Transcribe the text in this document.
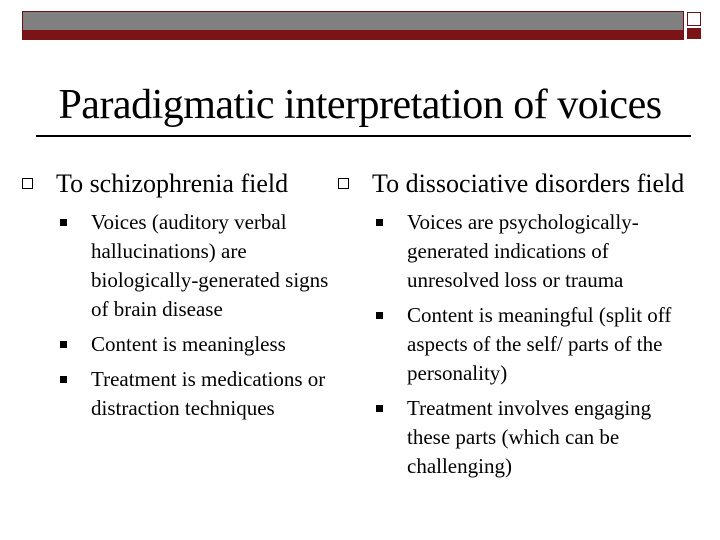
Paradigmatic interpretation of voices
To schizophrenia field
Voices (auditory verbal hallucinations) are biologically-generated signs of brain disease
Content is meaningless
Treatment is medications or distraction techniques
To dissociative disorders field
Voices are psychologically-generated indications of unresolved loss or trauma
Content is meaningful (split off aspects of the self/ parts of the personality)
Treatment involves engaging these parts (which can be challenging)
